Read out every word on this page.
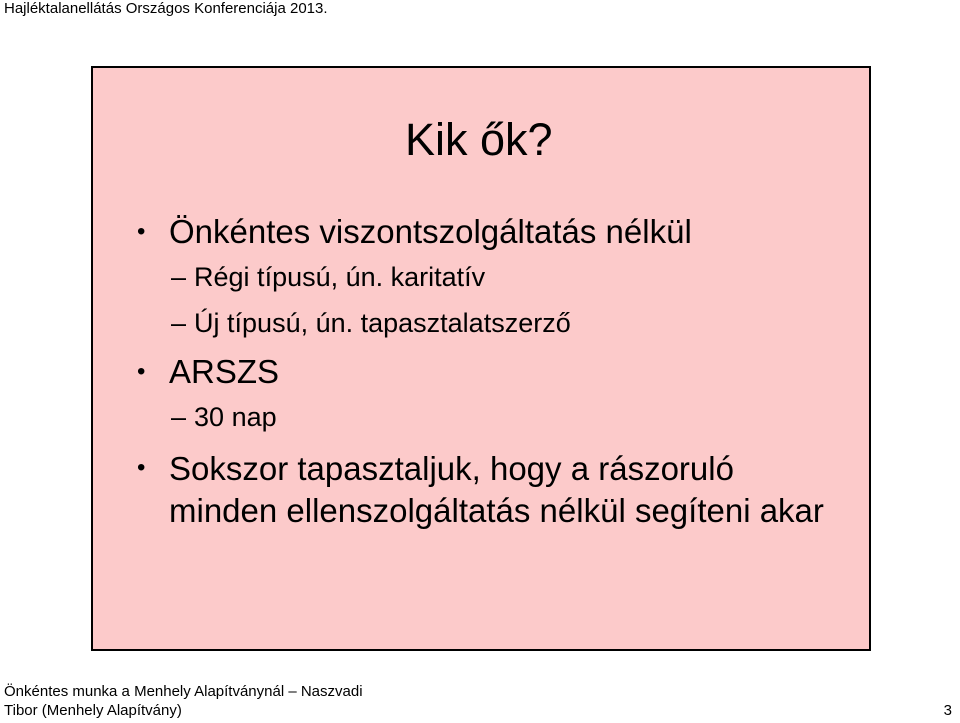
Hajléktalanellátás Országos Konferenciája 2013.
Kik ők?
• Önkéntes viszontszolgáltatás nélkül
– Régi típusú, ún. karitatív
– Új típusú, ún. tapasztalatszerző
• ARSZS
– 30 nap
• Sokszor tapasztaljuk, hogy a rászoruló minden ellenszolgáltatás nélkül segíteni akar
Önkéntes munka a Menhely Alapítványnál – Naszvadi
Tibor (Menhely Alapítvány)	3
